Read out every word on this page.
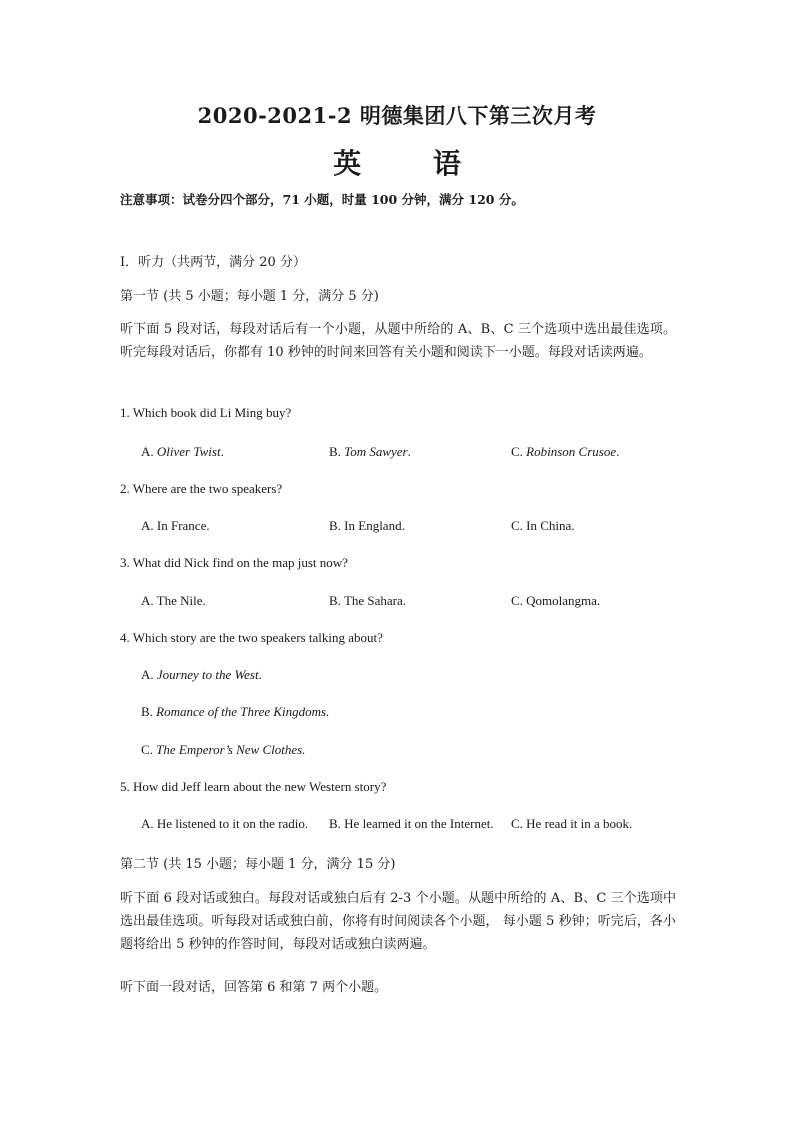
2020-2021-2 明德集团八下第三次月考
英 语
注意事项：试卷分四个部分，71 小题，时量 100 分钟，满分 120 分。
I．听力（共两节，满分 20 分）
第一节 (共 5 小题；每小题 1 分，满分 5 分)
听下面 5 段对话，每段对话后有一个小题，从题中所给的 A、B、C 三个选项中选出最佳选项。听完每段对话后，你都有 10 秒钟的时间来回答有关小题和阅读下一小题。每段对话读两遍。
1. Which book did Li Ming buy?
A. Oliver Twist.	B. Tom Sawyer.	C. Robinson Crusoe.
2. Where are the two speakers?
A. In France.	B. In England.	C. In China.
3. What did Nick find on the map just now?
A. The Nile.	B. The Sahara.	C. Qomolangma.
4. Which story are the two speakers talking about?
A. Journey to the West.
B. Romance of the Three Kingdoms.
C. The Emperor’s New Clothes.
5. How did Jeff learn about the new Western story?
A. He listened to it on the radio. B. He learned it on the Internet. C. He read it in a book.
第二节 (共 15 小题；每小题 1 分，满分 15 分)
听下面 6 段对话或独白。每段对话或独白后有 2-3 个小题。从题中所给的 A、B、C 三个选项中选出最佳选项。听每段对话或独白前，你将有时间阅读各个小题， 每小题 5 秒钟；听完后，各小题将给出 5 秒钟的作答时间，每段对话或独白读两遍。
听下面一段对话，回答第 6 和第 7 两个小题。
